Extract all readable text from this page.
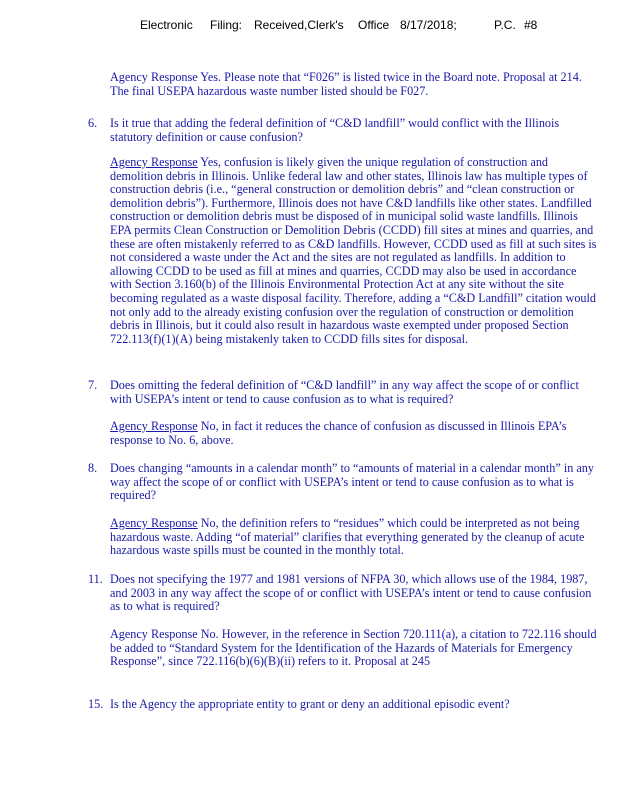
Electronic Filing: Received,Clerk's Office 8/17/2018;	P.C. #8
Agency Response Yes. Please note that “F026” is listed twice in the Board note. Proposal at 214. The final USEPA hazardous waste number listed should be F027.
6. Is it true that adding the federal definition of “C&D landfill” would conflict with the Illinois statutory definition or cause confusion?
Agency Response Yes, confusion is likely given the unique regulation of construction and demolition debris in Illinois. Unlike federal law and other states, Illinois law has multiple types of construction debris (i.e., “general construction or demolition debris” and “clean construction or demolition debris”). Furthermore, Illinois does not have C&D landfills like other states. Landfilled construction or demolition debris must be disposed of in municipal solid waste landfills. Illinois EPA permits Clean Construction or Demolition Debris (CCDD) fill sites at mines and quarries, and these are often mistakenly referred to as C&D landfills. However, CCDD used as fill at such sites is not considered a waste under the Act and the sites are not regulated as landfills. In addition to allowing CCDD to be used as fill at mines and quarries, CCDD may also be used in accordance with Section 3.160(b) of the Illinois Environmental Protection Act at any site without the site becoming regulated as a waste disposal facility. Therefore, adding a “C&D Landfill” citation would not only add to the already existing confusion over the regulation of construction or demolition debris in Illinois, but it could also result in hazardous waste exempted under proposed Section 722.113(f)(1)(A) being mistakenly taken to CCDD fills sites for disposal.
7. Does omitting the federal definition of “C&D landfill” in any way affect the scope of or conflict with USEPA’s intent or tend to cause confusion as to what is required?
Agency Response No, in fact it reduces the chance of confusion as discussed in Illinois EPA’s response to No. 6, above.
8. Does changing “amounts in a calendar month” to “amounts of material in a calendar month” in any way affect the scope of or conflict with USEPA’s intent or tend to cause confusion as to what is required?
Agency Response No, the definition refers to “residues” which could be interpreted as not being hazardous waste. Adding “of material” clarifies that everything generated by the cleanup of acute hazardous waste spills must be counted in the monthly total.
11. Does not specifying the 1977 and 1981 versions of NFPA 30, which allows use of the 1984, 1987, and 2003 in any way affect the scope of or conflict with USEPA’s intent or tend to cause confusion as to what is required?
Agency Response No. However, in the reference in Section 720.111(a), a citation to 722.116 should be added to “Standard System for the Identification of the Hazards of Materials for Emergency Response”, since 722.116(b)(6)(B)(ii) refers to it. Proposal at 245
15. Is the Agency the appropriate entity to grant or deny an additional episodic event?
